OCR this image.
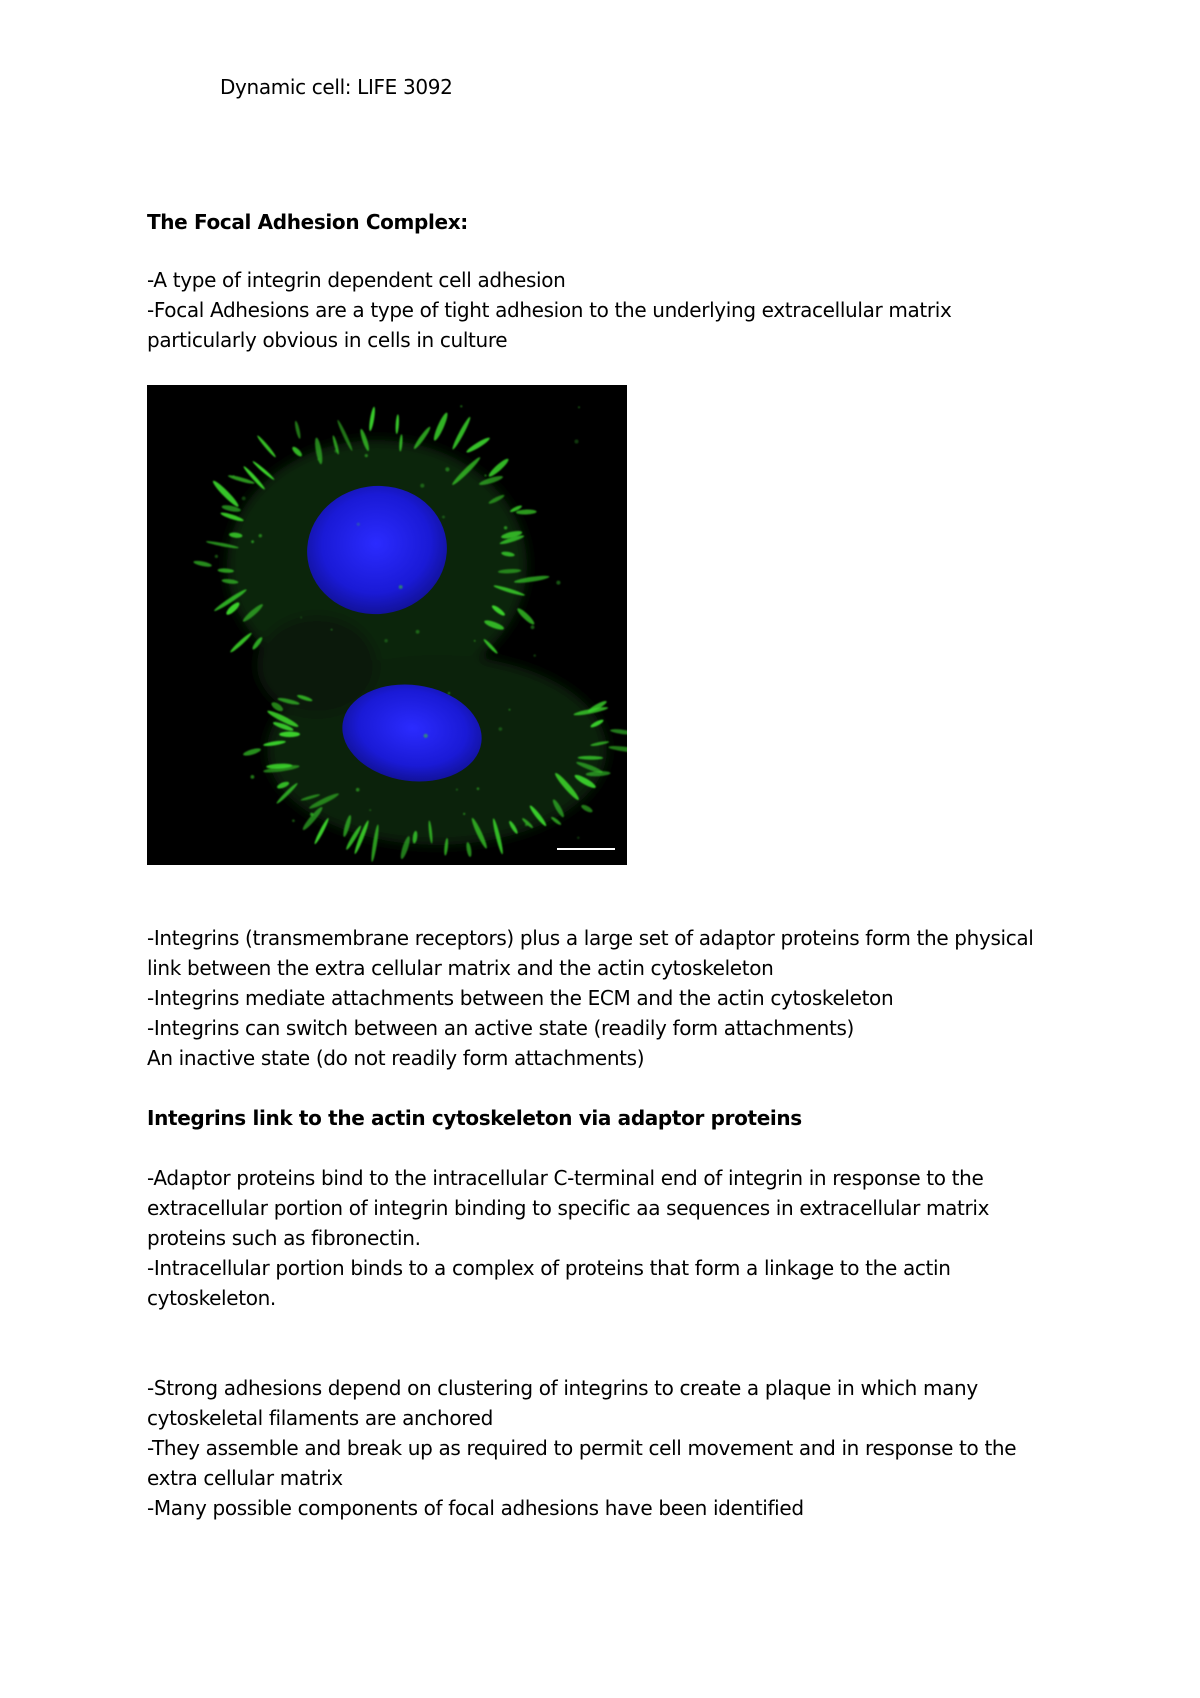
Dynamic cell: LIFE 3092
The Focal Adhesion Complex:
-A type of integrin dependent cell adhesion
-Focal Adhesions are a type of tight adhesion to the underlying extracellular matrix
particularly obvious in cells in culture
-Integrins (transmembrane receptors) plus a large set of adaptor proteins form the physical
link between the extra cellular matrix and the actin cytoskeleton
-Integrins mediate attachments between the ECM and the actin cytoskeleton
-Integrins can switch between an active state (readily form attachments)
An inactive state (do not readily form attachments)
Integrins link to the actin cytoskeleton via adaptor proteins
-Adaptor proteins bind to the intracellular C-terminal end of integrin in response to the
extracellular portion of integrin binding to specific aa sequences in extracellular matrix
proteins such as fibronectin.
-Intracellular portion binds to a complex of proteins that form a linkage to the actin
cytoskeleton.
-Strong adhesions depend on clustering of integrins to create a plaque in which many
cytoskeletal filaments are anchored
-They assemble and break up as required to permit cell movement and in response to the
extra cellular matrix
-Many possible components of focal adhesions have been identified
